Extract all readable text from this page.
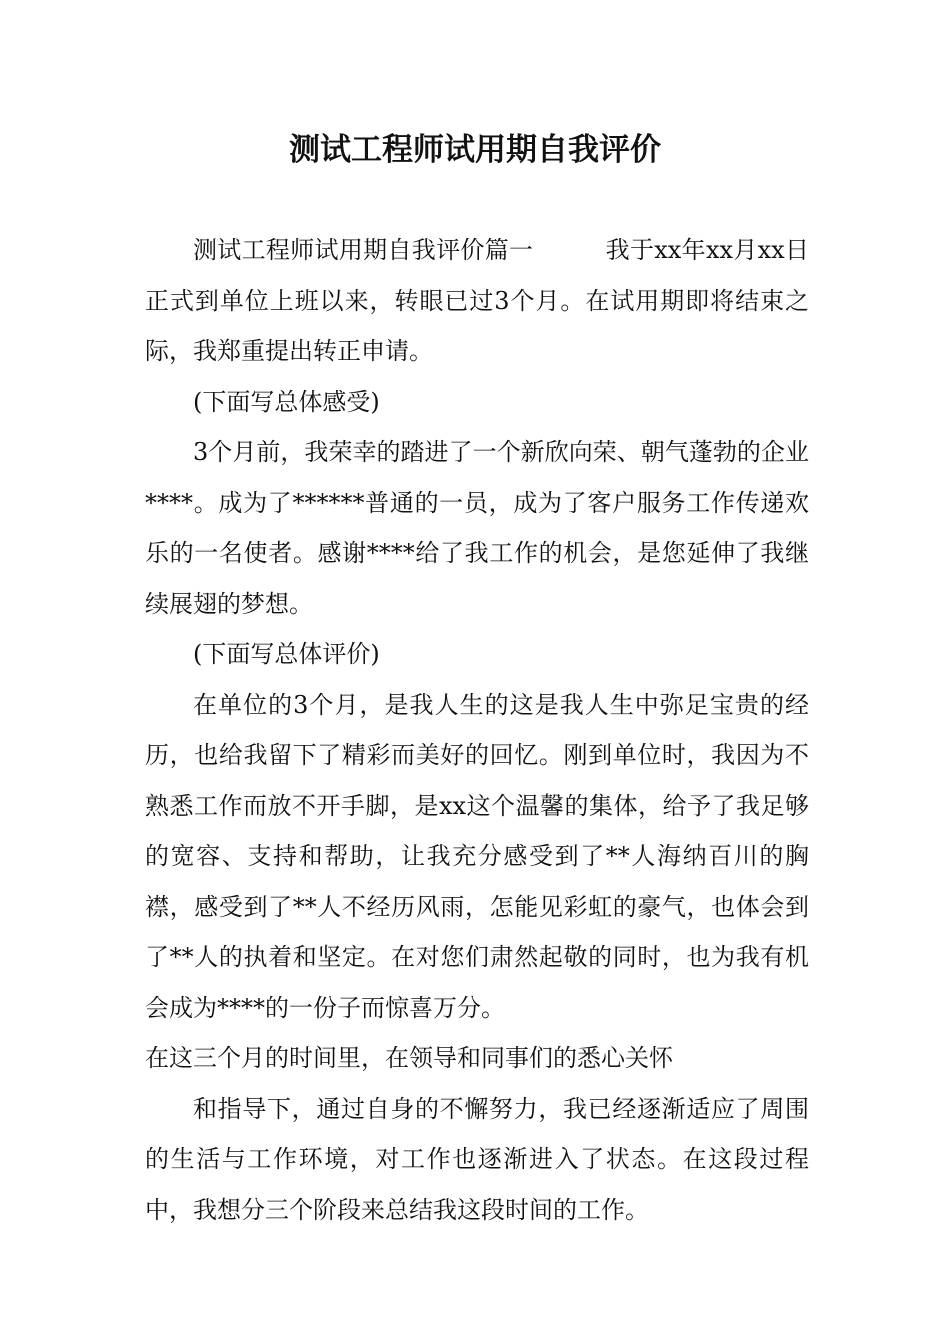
测试工程师试用期自我评价

测试工程师试用期自我评价篇一	我于xx年xx月xx日正式到单位上班以来，转眼已过3个月。在试用期即将结束之际，我郑重提出转正申请。

(下面写总体感受)

3个月前，我荣幸的踏进了一个新欣向荣、朝气蓬勃的企业****。成为了******普通的一员，成为了客户服务工作传递欢乐的一名使者。感谢****给了我工作的机会，是您延伸了我继续展翅的梦想。

(下面写总体评价)

在单位的3个月，是我人生的这是我人生中弥足宝贵的经历，也给我留下了精彩而美好的回忆。刚到单位时，我因为不熟悉工作而放不开手脚，是xx这个温馨的集体，给予了我足够的宽容、支持和帮助，让我充分感受到了**人海纳百川的胸襟，感受到了**人不经历风雨，怎能见彩虹的豪气，也体会到了**人的执着和坚定。在对您们肃然起敬的同时，也为我有机会成为****的一份子而惊喜万分。

在这三个月的时间里，在领导和同事们的悉心关怀

和指导下，通过自身的不懈努力，我已经逐渐适应了周围的生活与工作环境，对工作也逐渐进入了状态。在这段过程中，我想分三个阶段来总结我这段时间的工作。
